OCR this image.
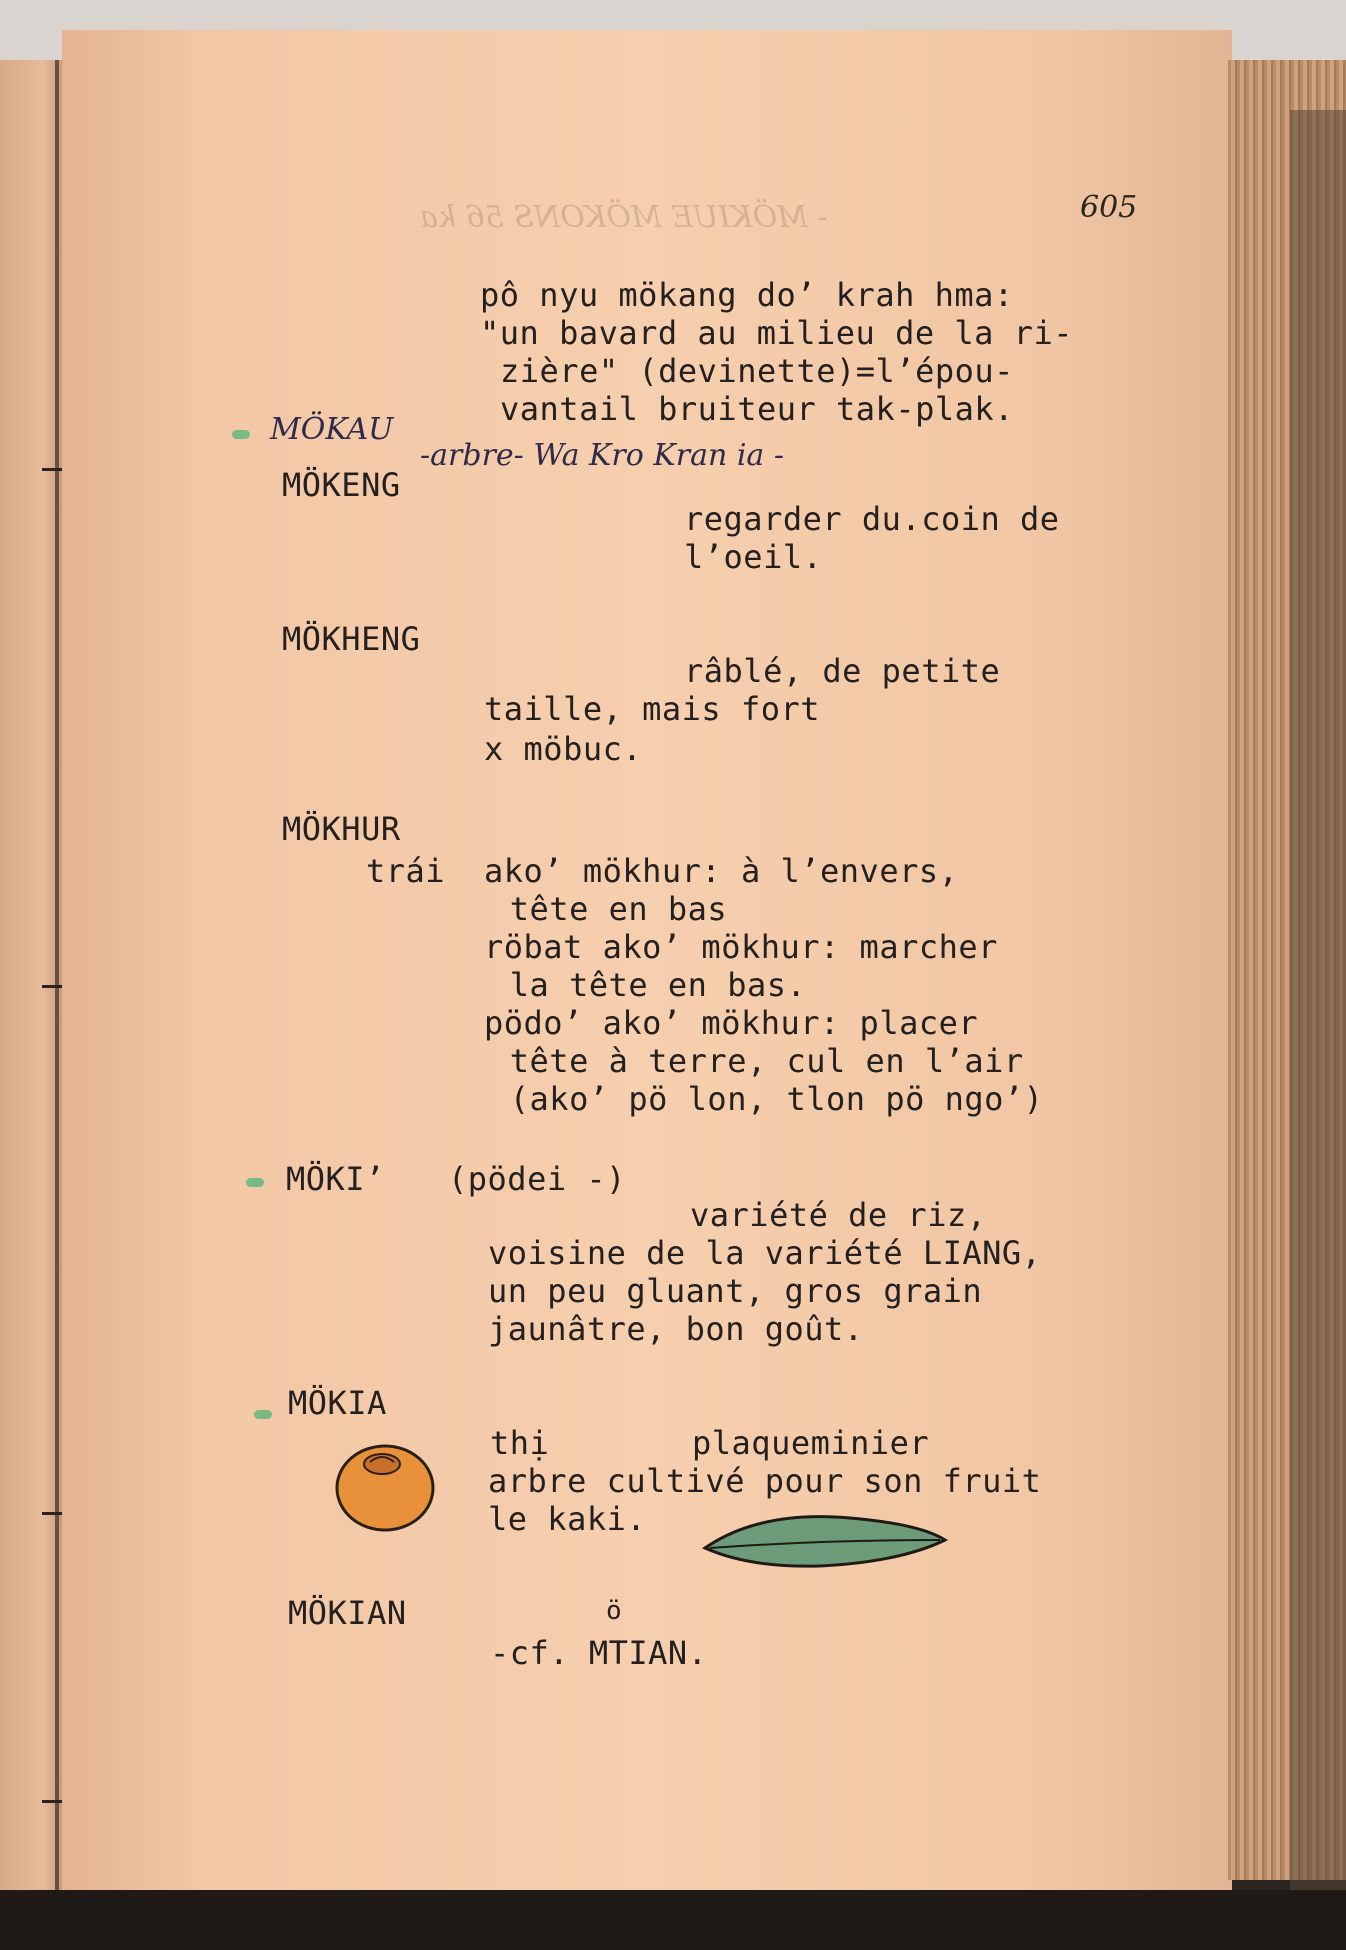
- MÖKIUE MÖKONS 56 ka	605
pô nyu mökang do’ krah hma:
"un bavard au milieu de la ri-
zière" (devinette)=l’épou-
vantail bruiteur tak-plak.
MÖKAU
-arbre- Wa Kro Kran ia -
MÖKENG
regarder du.coin de
l’oeil.
MÖKHENG
râblé, de petite
taille, mais fort
x möbuc.
MÖKHUR
trái ako’ mökhur: à l’envers,
tête en bas
röbat ako’ mökhur: marcher
la tête en bas.
pödo’ ako’ mökhur: placer
tête à terre, cul en l’air
(ako’ pö lon, tlon pö ngo’)
MÖKI’ (pödei -)
variété de riz,
voisine de la variété LIANG,
un peu gluant, gros grain
jaunâtre, bon goût.
MÖKIA
thị	plaqueminier
arbre cultivé pour son fruit
le kaki.
MÖKIAN	ö
-cf. MTIAN.
